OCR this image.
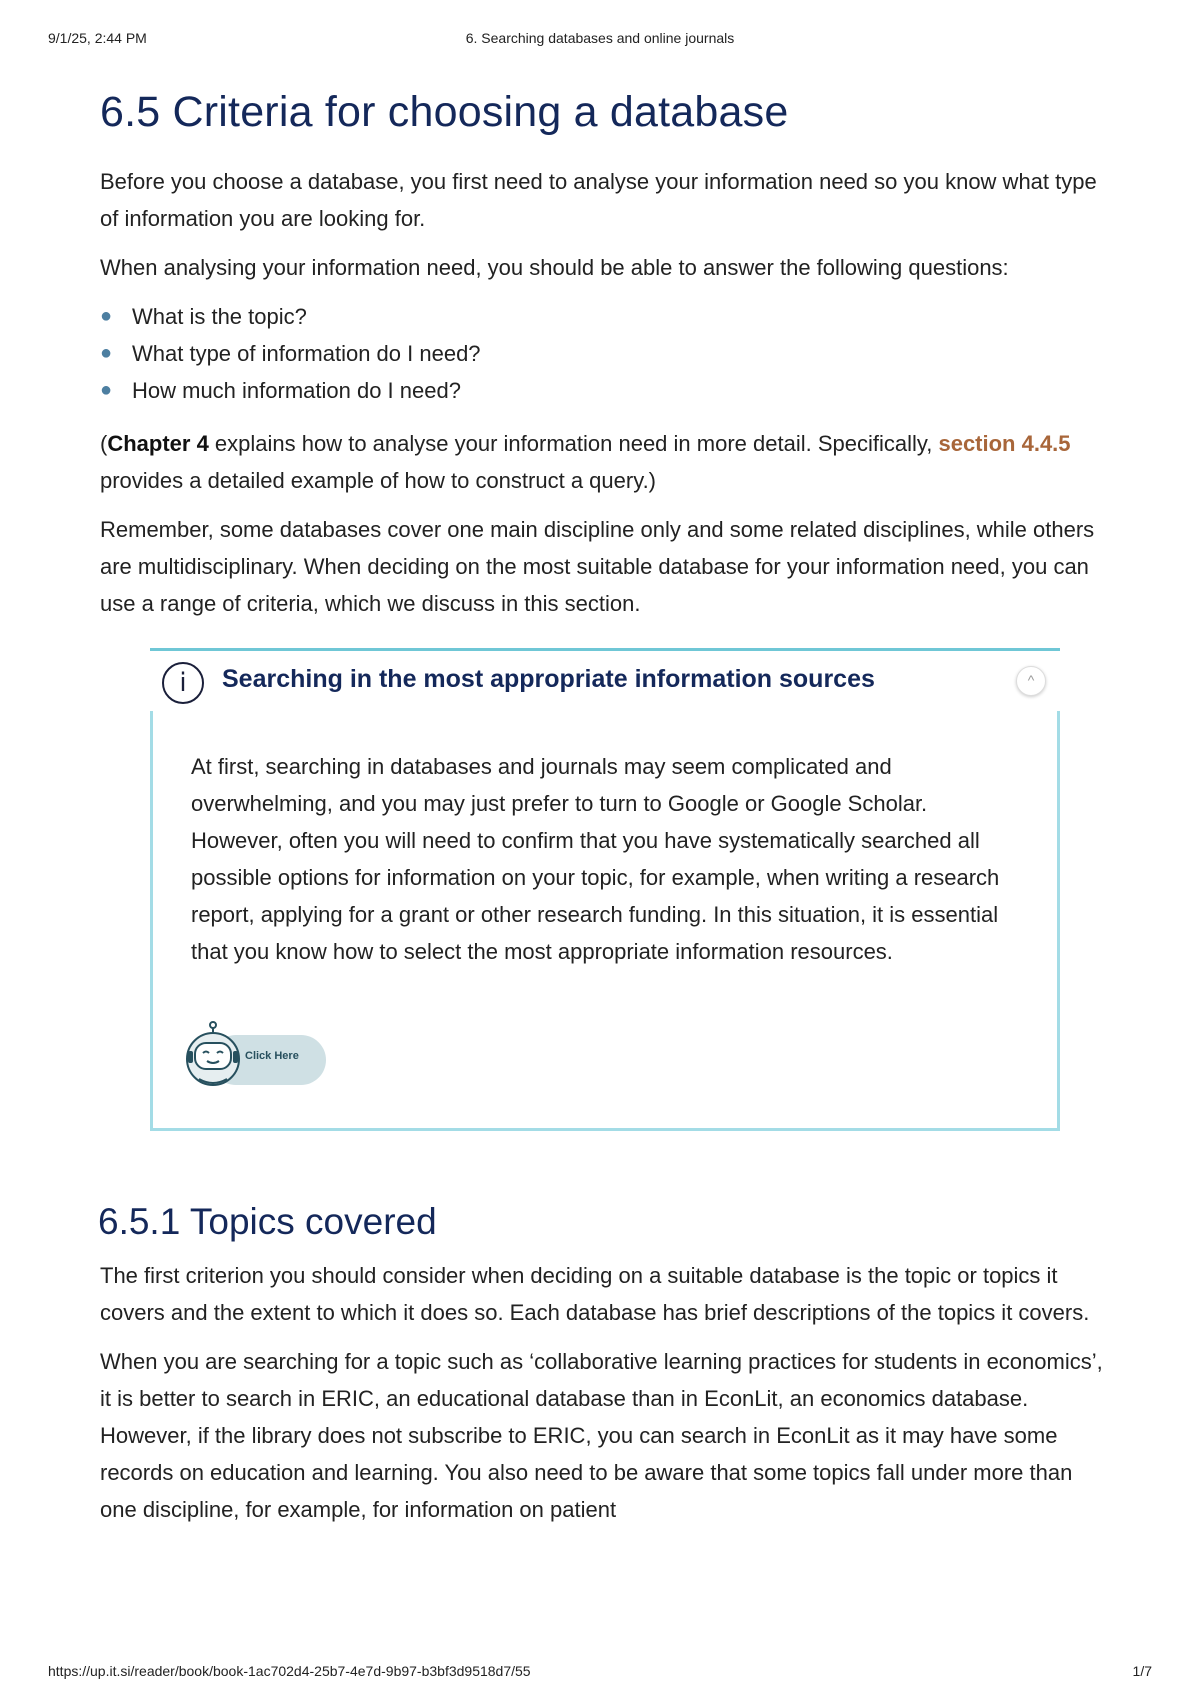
9/1/25, 2:44 PM	6. Searching databases and online journals
6.5 Criteria for choosing a database

Before you choose a database, you first need to analyse your information need so you know what type of information you are looking for.

When analysing your information need, you should be able to answer the following questions:

● What is the topic?
● What type of information do I need?
● How much information do I need?

(Chapter 4 explains how to analyse your information need in more detail. Specifically, section 4.4.5 provides a detailed example of how to construct a query.)

Remember, some databases cover one main discipline only and some related disciplines, while others are multidisciplinary. When deciding on the most suitable database for your information need, you can use a range of criteria, which we discuss in this section.

i	Searching in the most appropriate information sources	^

At first, searching in databases and journals may seem complicated and overwhelming, and you may just prefer to turn to Google or Google Scholar. However, often you will need to confirm that you have systematically searched all possible options for information on your topic, for example, when writing a research report, applying for a grant or other research funding. In this situation, it is essential that you know how to select the most appropriate information resources.

Click Here
6.5.1 Topics covered

The first criterion you should consider when deciding on a suitable database is the topic or topics it covers and the extent to which it does so. Each database has brief descriptions of the topics it covers.

When you are searching for a topic such as ‘collaborative learning practices for students in economics’, it is better to search in ERIC, an educational database than in EconLit, an economics database. However, if the library does not subscribe to ERIC, you can search in EconLit as it may have some records on education and learning. You also need to be aware that some topics fall under more than one discipline, for example, for information on patient

https://up.it.si/reader/book/book-1ac702d4-25b7-4e7d-9b97-b3bf3d9518d7/55	1/7
